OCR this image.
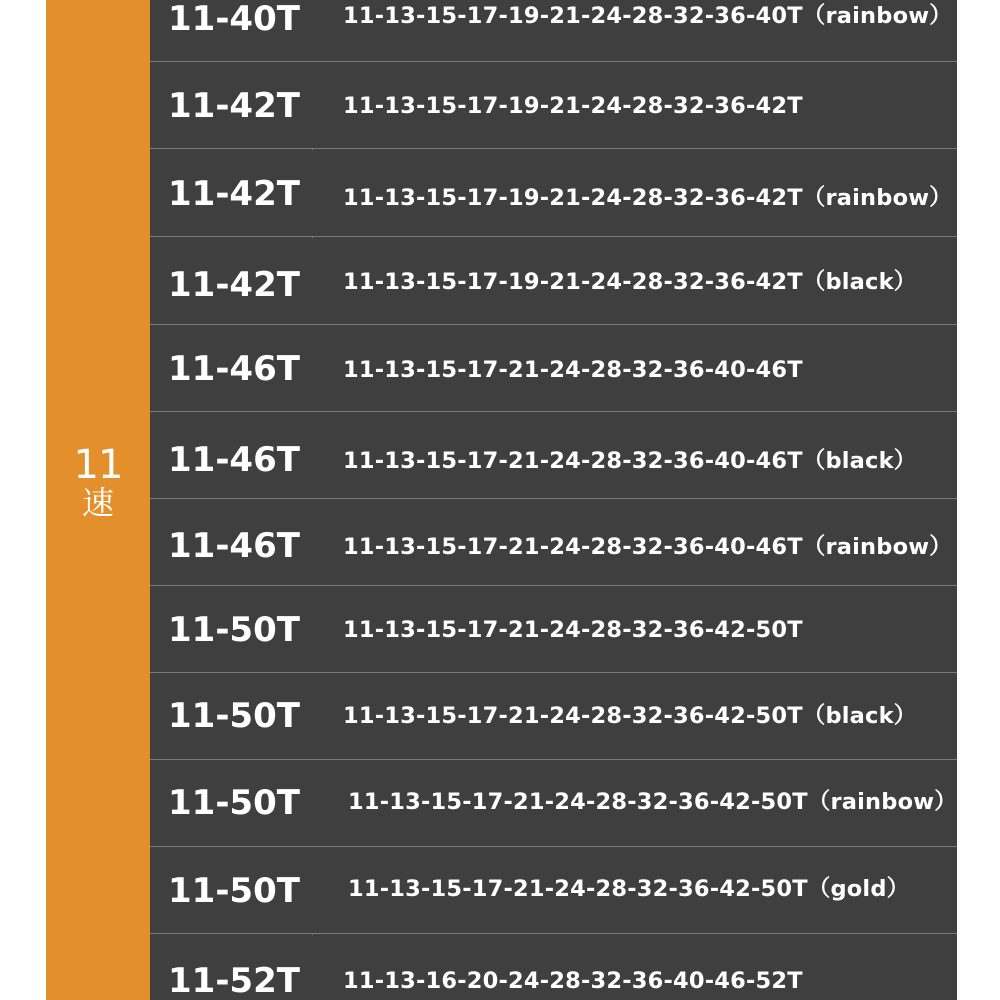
11
速
11-40T 11-13-15-17-19-21-24-28-32-36-40T（rainbow）
11-42T 11-13-15-17-19-21-24-28-32-36-42T
11-42T 11-13-15-17-19-21-24-28-32-36-42T（rainbow）
11-42T 11-13-15-17-19-21-24-28-32-36-42T（black）
11-46T 11-13-15-17-21-24-28-32-36-40-46T
11-46T 11-13-15-17-21-24-28-32-36-40-46T（black）
11-46T 11-13-15-17-21-24-28-32-36-40-46T（rainbow）
11-50T 11-13-15-17-21-24-28-32-36-42-50T
11-50T 11-13-15-17-21-24-28-32-36-42-50T（black）
11-50T 11-13-15-17-21-24-28-32-36-42-50T（rainbow）
11-50T 11-13-15-17-21-24-28-32-36-42-50T（gold）
11-52T 11-13-16-20-24-28-32-36-40-46-52T
